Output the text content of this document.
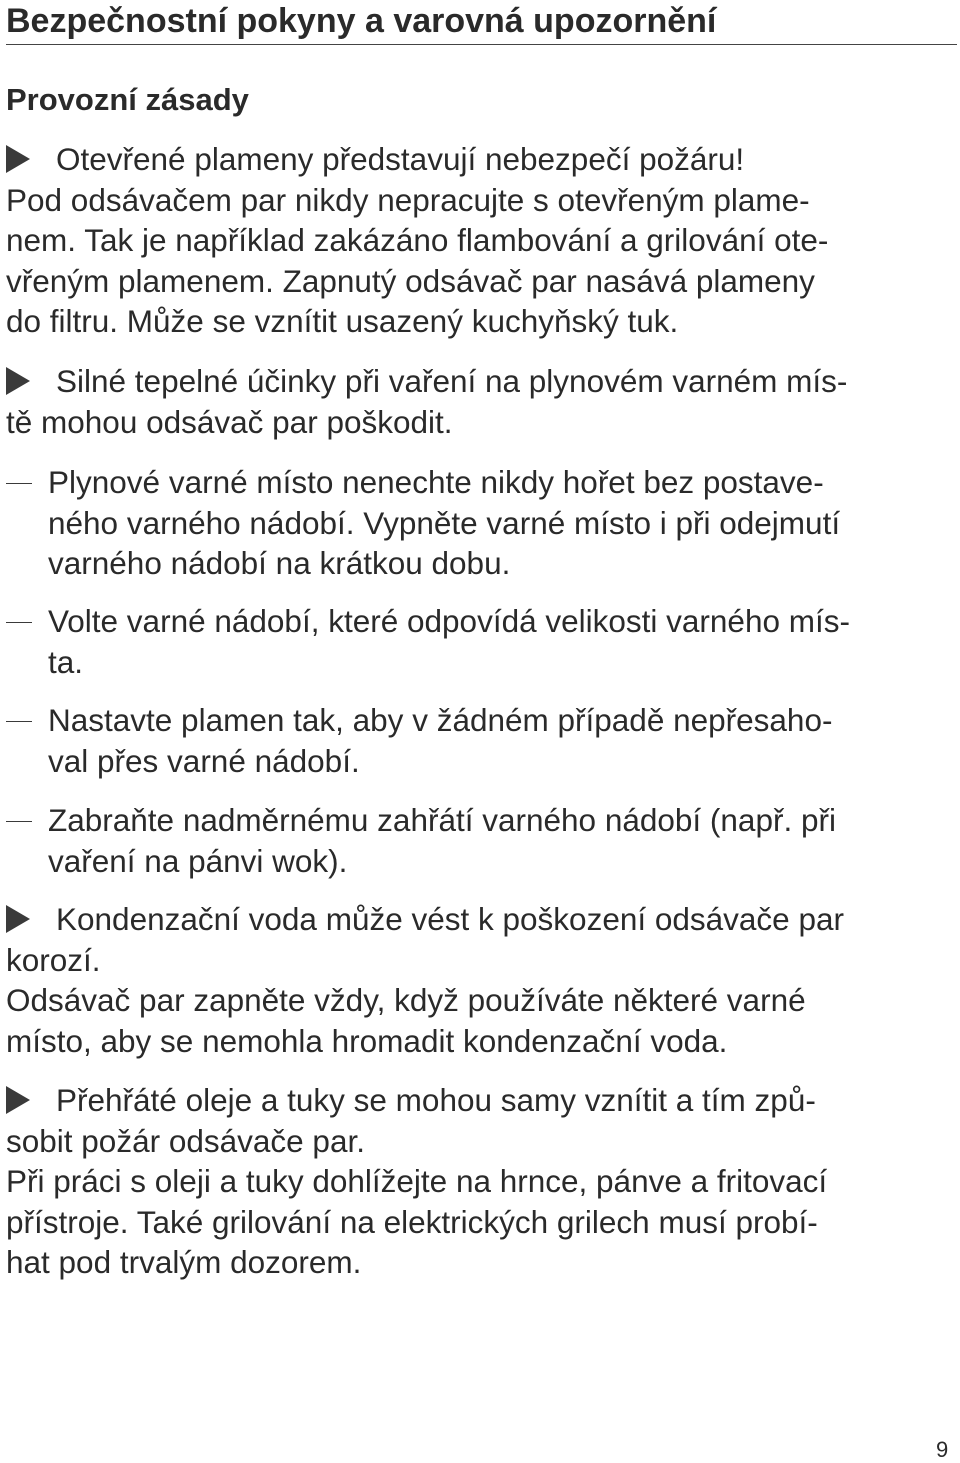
Bezpečnostní pokyny a varovná upozornění
Provozní zásady
Otevřené plameny představují nebezpečí požáru!
Pod odsávačem par nikdy nepracujte s otevřeným plame-
nem. Tak je například zakázáno flambování a grilování ote-
vřeným plamenem. Zapnutý odsávač par nasává plameny
do filtru. Může se vznítit usazený kuchyňský tuk.
Silné tepelné účinky při vaření na plynovém varném mís-
tě mohou odsávač par poškodit.
Plynové varné místo nenechte nikdy hořet bez postave-
ného varného nádobí. Vypněte varné místo i při odejmutí
varného nádobí na krátkou dobu.
Volte varné nádobí, které odpovídá velikosti varného mís-
ta.
Nastavte plamen tak, aby v žádném případě nepřesaho-
val přes varné nádobí.
Zabraňte nadměrnému zahřátí varného nádobí (např. při
vaření na pánvi wok).
Kondenzační voda může vést k poškození odsávače par
korozí.
Odsávač par zapněte vždy, když používáte některé varné
místo, aby se nemohla hromadit kondenzační voda.
Přehřáté oleje a tuky se mohou samy vznítit a tím způ-
sobit požár odsávače par.
Při práci s oleji a tuky dohlížejte na hrnce, pánve a fritovací
přístroje. Také grilování na elektrických grilech musí probí-
hat pod trvalým dozorem.
9
